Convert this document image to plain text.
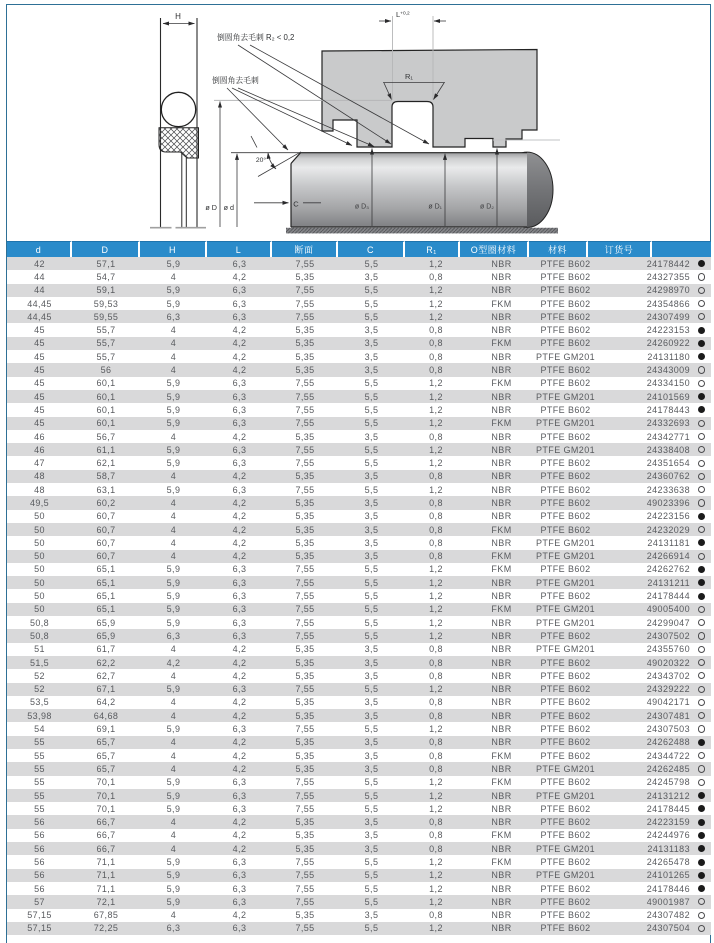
H
倒圆角去毛刺 R₂ < 0,2
倒圆角去毛刺
$L^{+0,2}$
R₁
20°
ø D ø d	C	ø D₃	ø D₁	ø D₂
d	D	H	L	断面	C	R₁	O型圈材料	材料	订货号
42	57,1	5,9	6,3	7,55	5,5	1,2	NBR	PTFE B602	24178442
44	54,7	4	4,2	5,35	3,5	0,8	NBR	PTFE B602	24327355
44	59,1	5,9	6,3	7,55	5,5	1,2	NBR	PTFE B602	24298970
44,45	59,53	5,9	6,3	7,55	5,5	1,2	FKM	PTFE B602	24354866
44,45	59,55	6,3	6,3	7,55	5,5	1,2	NBR	PTFE B602	24307499
45	55,7	4	4,2	5,35	3,5	0,8	NBR	PTFE B602	24223153
45	55,7	4	4,2	5,35	3,5	0,8	FKM	PTFE B602	24260922
45	55,7	4	4,2	5,35	3,5	0,8	NBR	PTFE GM201	24131180
45	56	4	4,2	5,35	3,5	0,8	NBR	PTFE B602	24343009
45	60,1	5,9	6,3	7,55	5,5	1,2	FKM	PTFE B602	24334150
45	60,1	5,9	6,3	7,55	5,5	1,2	NBR	PTFE GM201	24101569
45	60,1	5,9	6,3	7,55	5,5	1,2	NBR	PTFE B602	24178443
45	60,1	5,9	6,3	7,55	5,5	1,2	FKM	PTFE GM201	24332693
46	56,7	4	4,2	5,35	3,5	0,8	NBR	PTFE B602	24342771
46	61,1	5,9	6,3	7,55	5,5	1,2	NBR	PTFE GM201	24338408
47	62,1	5,9	6,3	7,55	5,5	1,2	NBR	PTFE B602	24351654
48	58,7	4	4,2	5,35	3,5	0,8	NBR	PTFE B602	24360762
48	63,1	5,9	6,3	7,55	5,5	1,2	NBR	PTFE B602	24233638
49,5	60,2	4	4,2	5,35	3,5	0,8	NBR	PTFE B602	49023396
50	60,7	4	4,2	5,35	3,5	0,8	NBR	PTFE B602	24223156
50	60,7	4	4,2	5,35	3,5	0,8	FKM	PTFE B602	24232029
50	60,7	4	4,2	5,35	3,5	0,8	NBR	PTFE GM201	24131181
50	60,7	4	4,2	5,35	3,5	0,8	FKM	PTFE GM201	24266914
50	65,1	5,9	6,3	7,55	5,5	1,2	FKM	PTFE B602	24262762
50	65,1	5,9	6,3	7,55	5,5	1,2	NBR	PTFE GM201	24131211
50	65,1	5,9	6,3	7,55	5,5	1,2	NBR	PTFE B602	24178444
50	65,1	5,9	6,3	7,55	5,5	1,2	FKM	PTFE GM201	49005400
50,8	65,9	5,9	6,3	7,55	5,5	1,2	NBR	PTFE GM201	24299047
50,8	65,9	6,3	6,3	7,55	5,5	1,2	NBR	PTFE B602	24307502
51	61,7	4	4,2	5,35	3,5	0,8	NBR	PTFE GM201	24355760
51,5	62,2	4,2	4,2	5,35	3,5	0,8	NBR	PTFE B602	49020322
52	62,7	4	4,2	5,35	3,5	0,8	NBR	PTFE B602	24343702
52	67,1	5,9	6,3	7,55	5,5	1,2	NBR	PTFE B602	24329222
53,5	64,2	4	4,2	5,35	3,5	0,8	NBR	PTFE B602	49042171
53,98	64,68	4	4,2	5,35	3,5	0,8	NBR	PTFE B602	24307481
54	69,1	5,9	6,3	7,55	5,5	1,2	NBR	PTFE B602	24307503
55	65,7	4	4,2	5,35	3,5	0,8	NBR	PTFE B602	24262488
55	65,7	4	4,2	5,35	3,5	0,8	FKM	PTFE B602	24344722
55	65,7	4	4,2	5,35	3,5	0,8	NBR	PTFE GM201	24262485
55	70,1	5,9	6,3	7,55	5,5	1,2	FKM	PTFE B602	24245798
55	70,1	5,9	6,3	7,55	5,5	1,2	NBR	PTFE GM201	24131212
55	70,1	5,9	6,3	7,55	5,5	1,2	NBR	PTFE B602	24178445
56	66,7	4	4,2	5,35	3,5	0,8	NBR	PTFE B602	24223159
56	66,7	4	4,2	5,35	3,5	0,8	FKM	PTFE B602	24244976
56	66,7	4	4,2	5,35	3,5	0,8	NBR	PTFE GM201	24131183
56	71,1	5,9	6,3	7,55	5,5	1,2	FKM	PTFE B602	24265478
56	71,1	5,9	6,3	7,55	5,5	1,2	NBR	PTFE GM201	24101265
56	71,1	5,9	6,3	7,55	5,5	1,2	NBR	PTFE B602	24178446
57	72,1	5,9	6,3	7,55	5,5	1,2	NBR	PTFE B602	49001987
57,15	67,85	4	4,2	5,35	3,5	0,8	NBR	PTFE B602	24307482
57,15	72,25	6,3	6,3	7,55	5,5	1,2	NBR	PTFE B602	24307504
